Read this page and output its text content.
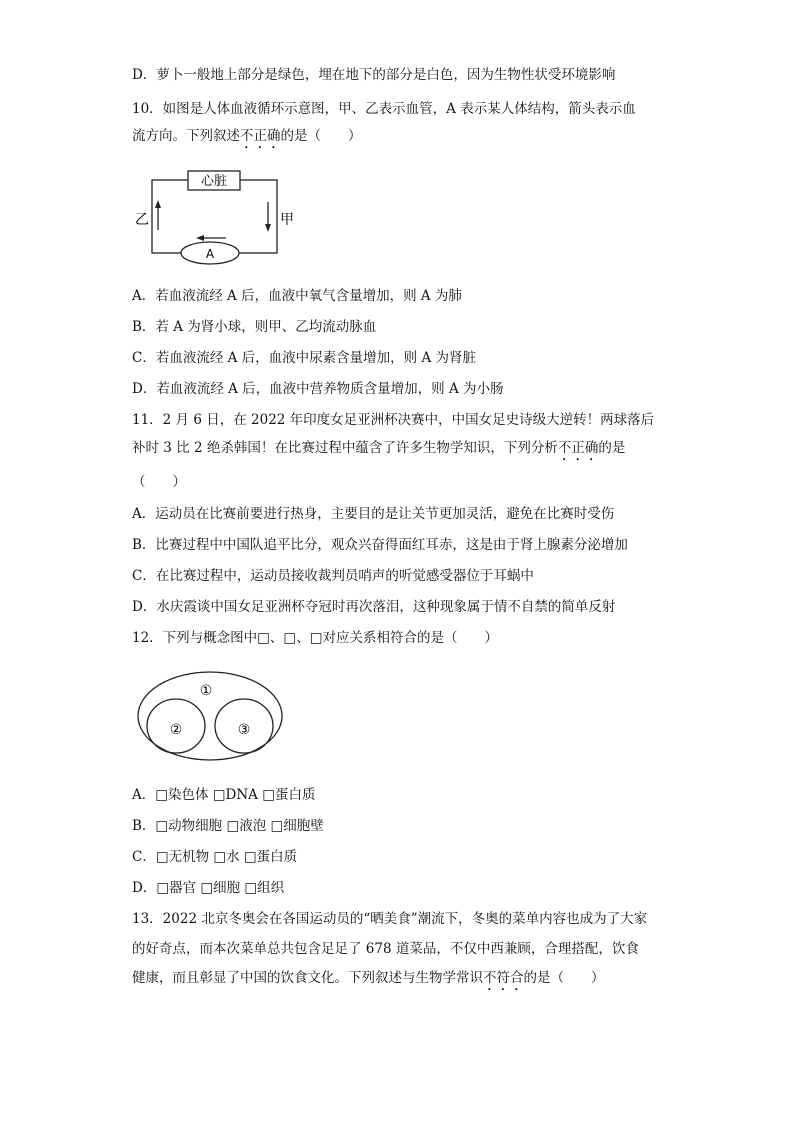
D．萝卜一般地上部分是绿色，埋在地下的部分是白色，因为生物性状受环境影响
10．如图是人体血液循环示意图，甲、乙表示血管，A 表示某人体结构，箭头表示血
流方向。下列叙述不正确的是（　　）
心脏
A
乙	甲
A．若血液流经 A 后，血液中氧气含量增加，则 A 为肺
B．若 A 为肾小球，则甲、乙均流动脉血
C．若血液流经 A 后，血液中尿素含量增加，则 A 为肾脏
D．若血液流经 A 后，血液中营养物质含量增加，则 A 为小肠
11．2 月 6 日，在 2022 年印度女足亚洲杯决赛中，中国女足史诗级大逆转！两球落后
补时 3 比 2 绝杀韩国！在比赛过程中蕴含了许多生物学知识，下列分析不正确的是
（　　）
A．运动员在比赛前要进行热身，主要目的是让关节更加灵活，避免在比赛时受伤
B．比赛过程中中国队追平比分，观众兴奋得面红耳赤，这是由于肾上腺素分泌增加
C．在比赛过程中，运动员接收裁判员哨声的听觉感受器位于耳蜗中
D．水庆霞谈中国女足亚洲杯夺冠时再次落泪，这种现象属于情不自禁的简单反射
12．下列与概念图中□、□、□对应关系相符合的是（　　）
①
②	③
A．□染色体 □DNA □蛋白质
B．□动物细胞 □液泡 □细胞壁
C．□无机物 □水 □蛋白质
D．□器官 □细胞 □组织
13．2022 北京冬奥会在各国运动员的“晒美食”潮流下，冬奥的菜单内容也成为了大家
的好奇点，而本次菜单总共包含足足了 678 道菜品，不仅中西兼顾，合理搭配，饮食
健康，而且彰显了中国的饮食文化。下列叙述与生物学常识不符合的是（　　）
